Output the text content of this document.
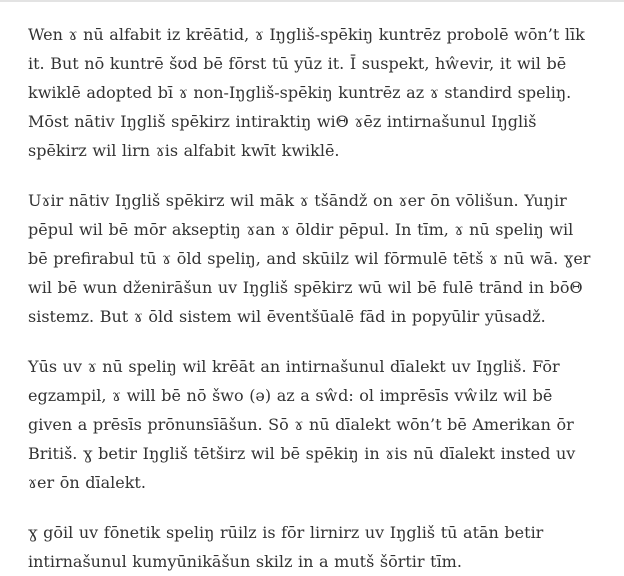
Wen ɤ nū alfabit iz krēātid, ɤ Iŋgliš-spēkiŋ kuntrēz probolē wōn’t līk it. But nō kuntrē šʊd bē fōrst tū yūz it. Ī suspekt, hŵevir, it wil bē kwiklē adopted bī ɤ non-Iŋgliš-spēkiŋ kuntrēz az ɤ standird speliŋ. Mōst nātiv Iŋgliš spēkirz intiraktiŋ wiΘ ɤēz intirnašunul Iŋgliš spēkirz wil lirn ɤis alfabit kwīt kwiklē.

Uɤir nātiv Iŋgliš spēkirz wil māk ɤ tšāndž on ɤer ōn vōlišun. Yuŋir pēpul wil bē mōr akseptiŋ ɤan ɤ ōldir pēpul. In tīm, ɤ nū speliŋ wil bē prefirabul tū ɤ ōld speliŋ, and skūilz wil fōrmulē tētš ɤ nū wā. ɣer wil bē wun dženirāšun uv Iŋgliš spēkirz wū wil bē fulē trānd in bōΘ sistemz. But ɤ ōld sistem wil ēventšūalē fād in popyūlir yūsadž.

Yūs uv ɤ nū speliŋ wil krēāt an intirnašunul dīalekt uv Iŋgliš. Fōr egzampil, ɤ will bē nō šwo (ə) az a sŵd: ol imprēsīs vŵilz wil bē given a prēsīs prōnunsīāšun. Sō ɤ nū dīalekt wōn’t bē Amerikan ōr Britiš. ɣ betir Iŋgliš tētširz wil bē spēkiŋ in ɤis nū dīalekt insted uv ɤer ōn dīalekt.

ɣ gōil uv fōnetik speliŋ rūilz is fōr lirnirz uv Iŋgliš tū atān betir intirnašunul kumyūnikāšun skilz in a mutš šōrtir tīm.
